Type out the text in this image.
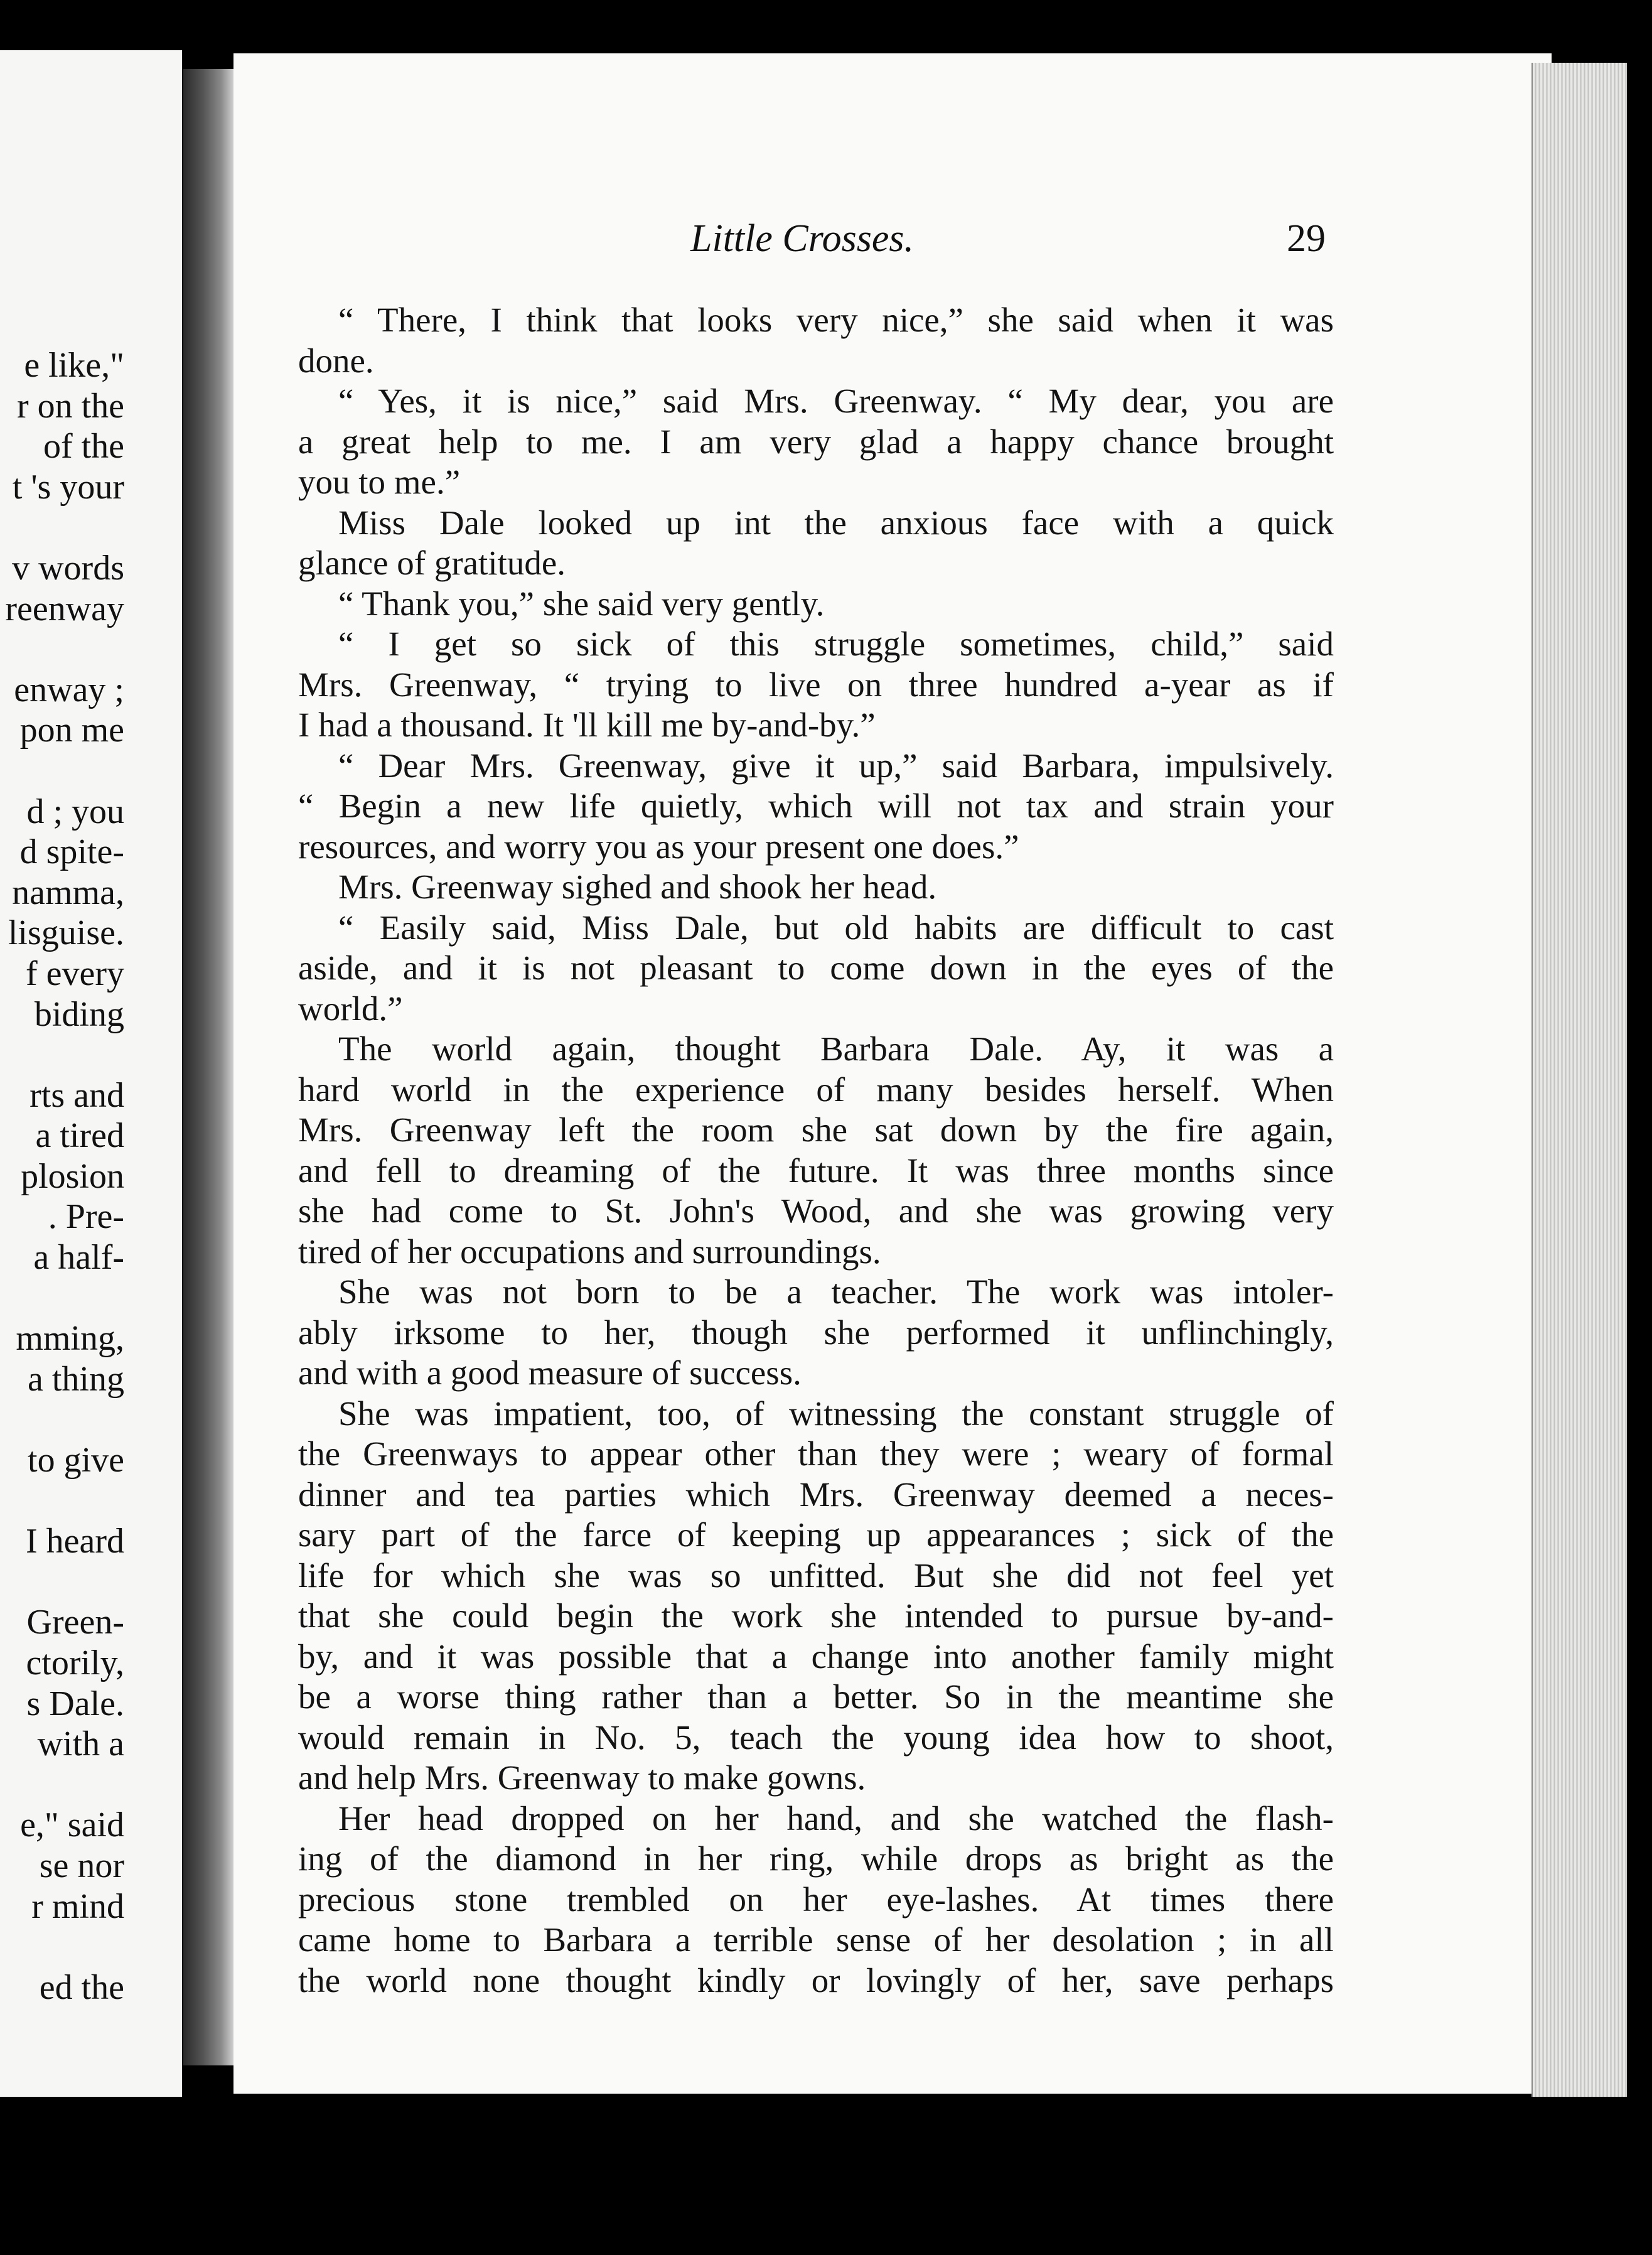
e like,"
r on the
of the
t 's your
v words
reenway
enway ;
pon me
d ; you
d spite-
namma,
lisguise.
f every
biding
rts and
a tired
plosion
. Pre-
a half-
mming,
a thing
to give
I heard
Green-
ctorily,
s Dale.
with a
e," said
se nor
r mind
ed the
Little Crosses.	29
“ There, I think that looks very nice,” she said when it was
done.
“ Yes, it is nice,” said Mrs. Greenway. “ My dear, you are
a great help to me. I am very glad a happy chance brought
you to me.”
Miss Dale looked up int the anxious face with a quick
glance of gratitude.
“ Thank you,” she said very gently.
“ I get so sick of this struggle sometimes, child,” said
Mrs. Greenway, “ trying to live on three hundred a-year as if
I had a thousand. It 'll kill me by-and-by.”
“ Dear Mrs. Greenway, give it up,” said Barbara, impulsively.
“ Begin a new life quietly, which will not tax and strain your
resources, and worry you as your present one does.”
Mrs. Greenway sighed and shook her head.
“ Easily said, Miss Dale, but old habits are difficult to cast
aside, and it is not pleasant to come down in the eyes of the
world.”
The world again, thought Barbara Dale. Ay, it was a
hard world in the experience of many besides herself. When
Mrs. Greenway left the room she sat down by the fire again,
and fell to dreaming of the future. It was three months since
she had come to St. John's Wood, and she was growing very
tired of her occupations and surroundings.
She was not born to be a teacher. The work was intoler-
ably irksome to her, though she performed it unflinchingly,
and with a good measure of success.
She was impatient, too, of witnessing the constant struggle of
the Greenways to appear other than they were ; weary of formal
dinner and tea parties which Mrs. Greenway deemed a neces-
sary part of the farce of keeping up appearances ; sick of the
life for which she was so unfitted. But she did not feel yet
that she could begin the work she intended to pursue by-and-
by, and it was possible that a change into another family might
be a worse thing rather than a better. So in the meantime she
would remain in No. 5, teach the young idea how to shoot,
and help Mrs. Greenway to make gowns.
Her head dropped on her hand, and she watched the flash-
ing of the diamond in her ring, while drops as bright as the
precious stone trembled on her eye-lashes. At times there
came home to Barbara a terrible sense of her desolation ; in all
the world none thought kindly or lovingly of her, save perhaps
